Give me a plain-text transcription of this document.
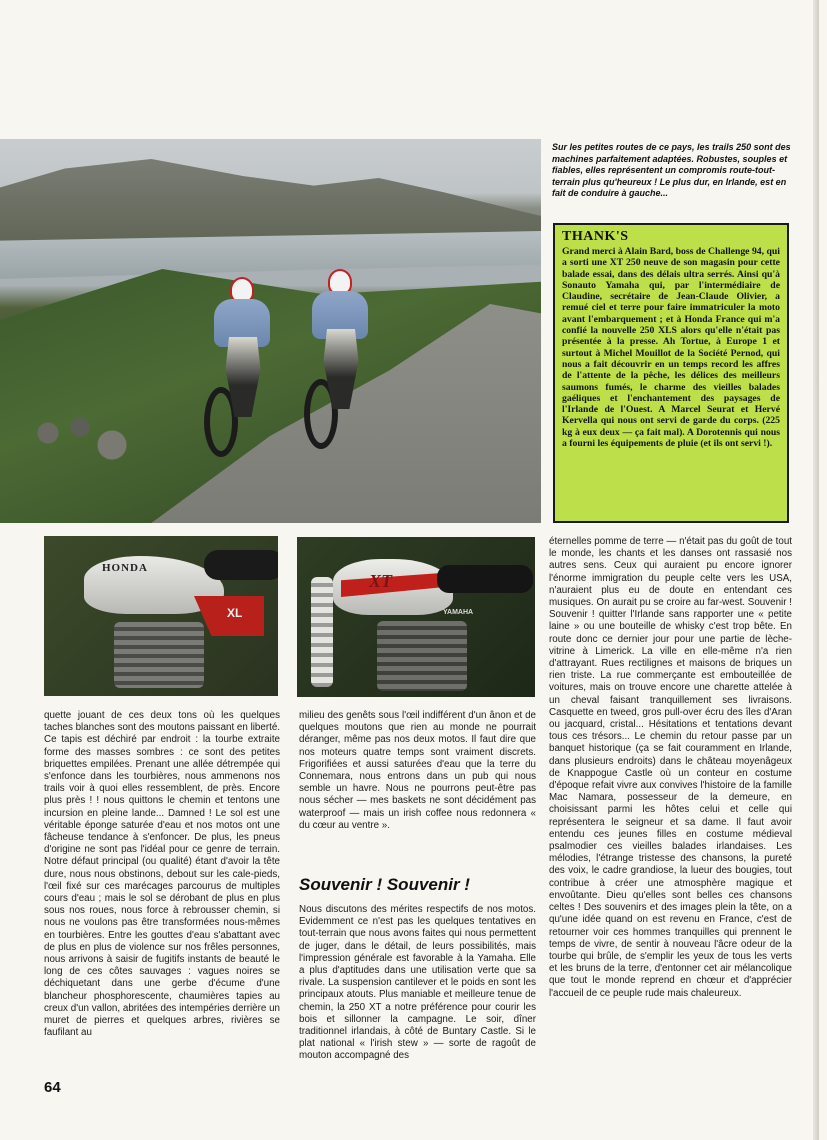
Sur les petites routes de ce pays, les trails 250 sont des machines parfaitement adaptées. Robustes, souples et fiables, elles représentent un compromis route-tout-terrain plus qu'heureux ! Le plus dur, en Irlande, est en fait de conduire à gauche...
THANK'S

Grand merci à Alain Bard, boss de Challenge 94, qui a sorti une XT 250 neuve de son magasin pour cette balade essai, dans des délais ultra serrés. Ainsi qu'à Sonauto Yamaha qui, par l'intermédiaire de Claudine, secrétaire de Jean-Claude Olivier, a remué ciel et terre pour faire immatriculer la moto avant l'embarquement ; et à Honda France qui m'a confié la nouvelle 250 XLS alors qu'elle n'était pas présentée à la presse. Ah Tortue, à Europe 1 et surtout à Michel Mouillot de la Société Pernod, qui nous a fait découvrir en un temps record les affres de l'attente de la pêche, les délices des meilleurs saumons fumés, le charme des vieilles balades gaéliques et l'enchantement des paysages de l'Irlande de l'Ouest. A Marcel Seurat et Hervé Kervella qui nous ont servi de garde du corps. (225 kg à eux deux — ça fait mal). A Dorotennis qui nous a fourni les équipements de pluie (et ils ont servi !).

HONDA
XL
XT
YAMAHA

quette jouant de ces deux tons où les quelques taches blanches sont des moutons paissant en liberté. Ce tapis est déchiré par endroit : la tourbe extraite forme des masses sombres : ce sont des petites briquettes empilées. Prenant une allée détrempée qui s'enfonce dans les tourbières, nous ammenons nos trails voir à quoi elles ressemblent, de près. Encore plus près ! ! nous quittons le chemin et tentons une incursion en pleine lande... Damned ! Le sol est une véritable éponge saturée d'eau et nos motos ont une fâcheuse tendance à s'enfoncer. De plus, les pneus d'origine ne sont pas l'idéal pour ce genre de terrain. Notre défaut principal (ou qualité) étant d'avoir la tête dure, nous nous obstinons, debout sur les cale-pieds, l'œil fixé sur ces marécages parcourus de multiples cours d'eau ; mais le sol se dérobant de plus en plus sous nos roues, nous force à rebrousser chemin, si nous ne voulons pas être transformées nous-mêmes en tourbières. Entre les gouttes d'eau s'abattant avec de plus en plus de violence sur nos frêles personnes, nous arrivons à saisir de fugitifs instants de beauté le long de ces côtes sauvages : vagues noires se déchiquetant dans une gerbe d'écume d'une blancheur phosphorescente, chaumières tapies au creux d'un vallon, abritées des intempéries derrière un muret de pierres et quelques arbres, rivières se faufilant au

milieu des genêts sous l'œil indifférent d'un ânon et de quelques moutons que rien au monde ne pourrait déranger, même pas nos deux motos. Il faut dire que nos moteurs quatre temps sont vraiment discrets. Frigorifiées et aussi saturées d'eau que la terre du Connemara, nous entrons dans un pub qui nous semble un havre. Nous ne pourrons peut-être pas nous sécher — mes baskets ne sont décidément pas waterproof — mais un irish coffee nous redonnera « du cœur au ventre ».

Souvenir ! Souvenir !

Nous discutons des mérites respectifs de nos motos. Evidemment ce n'est pas les quelques tentatives en tout-terrain que nous avons faites qui nous permettent de juger, dans le détail, de leurs possibilités, mais l'impression générale est favorable à la Yamaha. Elle a plus d'aptitudes dans une utilisation verte que sa rivale. La suspension cantilever et le poids en sont les principaux atouts. Plus maniable et meilleure tenue de chemin, la 250 XT a notre préférence pour courir les bois et sillonner la campagne. Le soir, dîner traditionnel irlandais, à côté de Buntary Castle. Si le plat national « l'irish stew » — sorte de ragoût de mouton accompagné des

éternelles pomme de terre — n'était pas du goût de tout le monde, les chants et les danses ont rassasié nos autres sens. Ceux qui auraient pu encore ignorer l'énorme immigration du peuple celte vers les USA, n'auraient plus eu de doute en entendant ces musiques. On aurait pu se croire au far-west. Souvenir ! Souvenir ! quitter l'Irlande sans rapporter une « petite laine » ou une bouteille de whisky c'est trop bête. En route donc ce dernier jour pour une partie de lèche-vitrine à Limerick. La ville en elle-même n'a rien d'attrayant. Rues rectilignes et maisons de briques un rien triste. La rue commerçante est embouteillée de voitures, mais on trouve encore une charette attelée à un cheval faisant tranquillement ses livraisons. Casquette en tweed, gros pull-over écru des îles d'Aran ou jacquard, cristal... Hésitations et tentations devant tous ces trésors... Le chemin du retour passe par un banquet historique (ça se fait couramment en Irlande, dans plusieurs endroits) dans le château moyenâgeux de Knappogue Castle où un conteur en costume d'époque refait vivre aux convives l'histoire de la famille Mac Namara, possesseur de la demeure, en choisissant parmi les hôtes celui et celle qui représentera le seigneur et sa dame. Il faut avoir entendu ces jeunes filles en costume médieval psalmodier ces vieilles balades irlandaises. Les mélodies, l'étrange tristesse des chansons, la pureté des voix, le cadre grandiose, la lueur des bougies, tout contribue à créer une atmosphère magique et envoûtante. Dieu qu'elles sont belles ces chansons celtes ! Des souvenirs et des images plein la tête, on a qu'une idée quand on est revenu en France, c'est de retourner voir ces hommes tranquilles qui prennent le temps de vivre, de sentir à nouveau l'âcre odeur de la tourbe qui brûle, de s'emplir les yeux de tous les verts et les bruns de la terre, d'entonner cet air mélancolique que tout le monde reprend en chœur et d'apprécier l'accueil de ce peuple rude mais chaleureux.

64
